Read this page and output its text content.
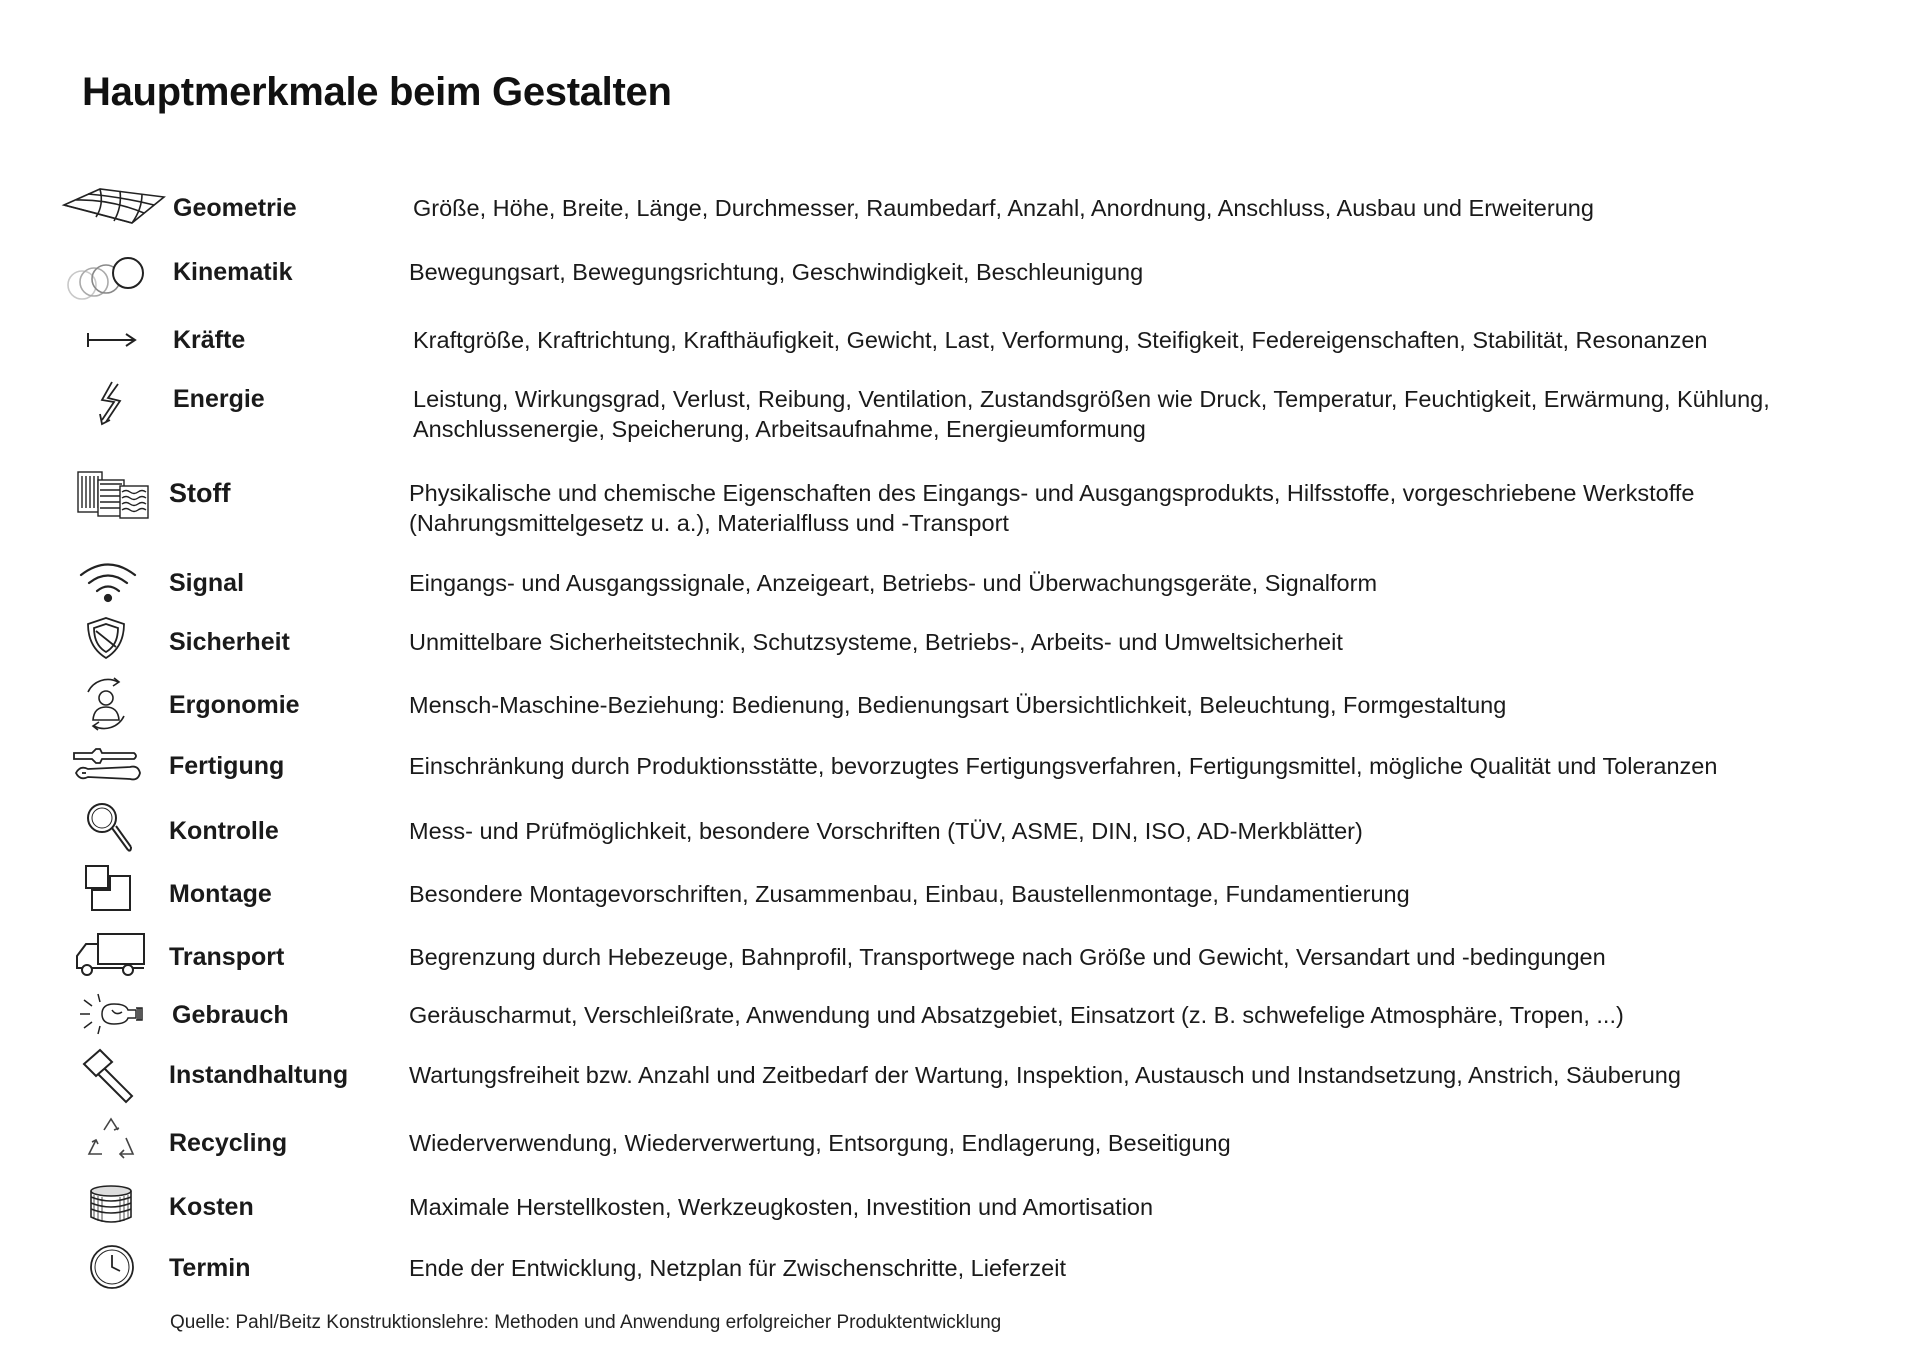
Hauptmerkmale beim Gestalten
Geometrie	Größe, Höhe, Breite, Länge, Durchmesser, Raumbedarf, Anzahl, Anordnung, Anschluss, Ausbau und Erweiterung
Kinematik	Bewegungsart, Bewegungsrichtung, Geschwindigkeit, Beschleunigung
Kräfte	Kraftgröße, Kraftrichtung, Krafthäufigkeit, Gewicht, Last, Verformung, Steifigkeit, Federeigenschaften, Stabilität, Resonanzen
Energie	Leistung, Wirkungsgrad, Verlust, Reibung, Ventilation, Zustandsgrößen wie Druck, Temperatur, Feuchtigkeit, Erwärmung, Kühlung, Anschlussenergie, Speicherung, Arbeitsaufnahme, Energieumformung
Stoff	Physikalische und chemische Eigenschaften des Eingangs- und Ausgangsprodukts, Hilfsstoffe, vorgeschriebene Werkstoffe (Nahrungsmittelgesetz u. a.), Materialfluss und -Transport
Signal	Eingangs- und Ausgangssignale, Anzeigeart, Betriebs- und Überwachungsgeräte, Signalform
Sicherheit	Unmittelbare Sicherheitstechnik, Schutzsysteme, Betriebs-, Arbeits- und Umweltsicherheit
Ergonomie	Mensch-Maschine-Beziehung: Bedienung, Bedienungsart Übersichtlichkeit, Beleuchtung, Formgestaltung
Fertigung	Einschränkung durch Produktionsstätte, bevorzugtes Fertigungsverfahren, Fertigungsmittel, mögliche Qualität und Toleranzen
Kontrolle	Mess- und Prüfmöglichkeit, besondere Vorschriften (TÜV, ASME, DIN, ISO, AD-Merkblätter)
Montage	Besondere Montagevorschriften, Zusammenbau, Einbau, Baustellenmontage, Fundamentierung
Transport	Begrenzung durch Hebezeuge, Bahnprofil, Transportwege nach Größe und Gewicht, Versandart und -bedingungen
Gebrauch	Geräuscharmut, Verschleißrate, Anwendung und Absatzgebiet, Einsatzort (z. B. schwefelige Atmosphäre, Tropen, ...)
Instandhaltung	Wartungsfreiheit bzw. Anzahl und Zeitbedarf der Wartung, Inspektion, Austausch und Instandsetzung, Anstrich, Säuberung
Recycling	Wiederverwendung, Wiederverwertung, Entsorgung, Endlagerung, Beseitigung
Kosten	Maximale Herstellkosten, Werkzeugkosten, Investition und Amortisation
Termin	Ende der Entwicklung, Netzplan für Zwischenschritte, Lieferzeit
Quelle: Pahl/Beitz Konstruktionslehre: Methoden und Anwendung erfolgreicher Produktentwicklung
